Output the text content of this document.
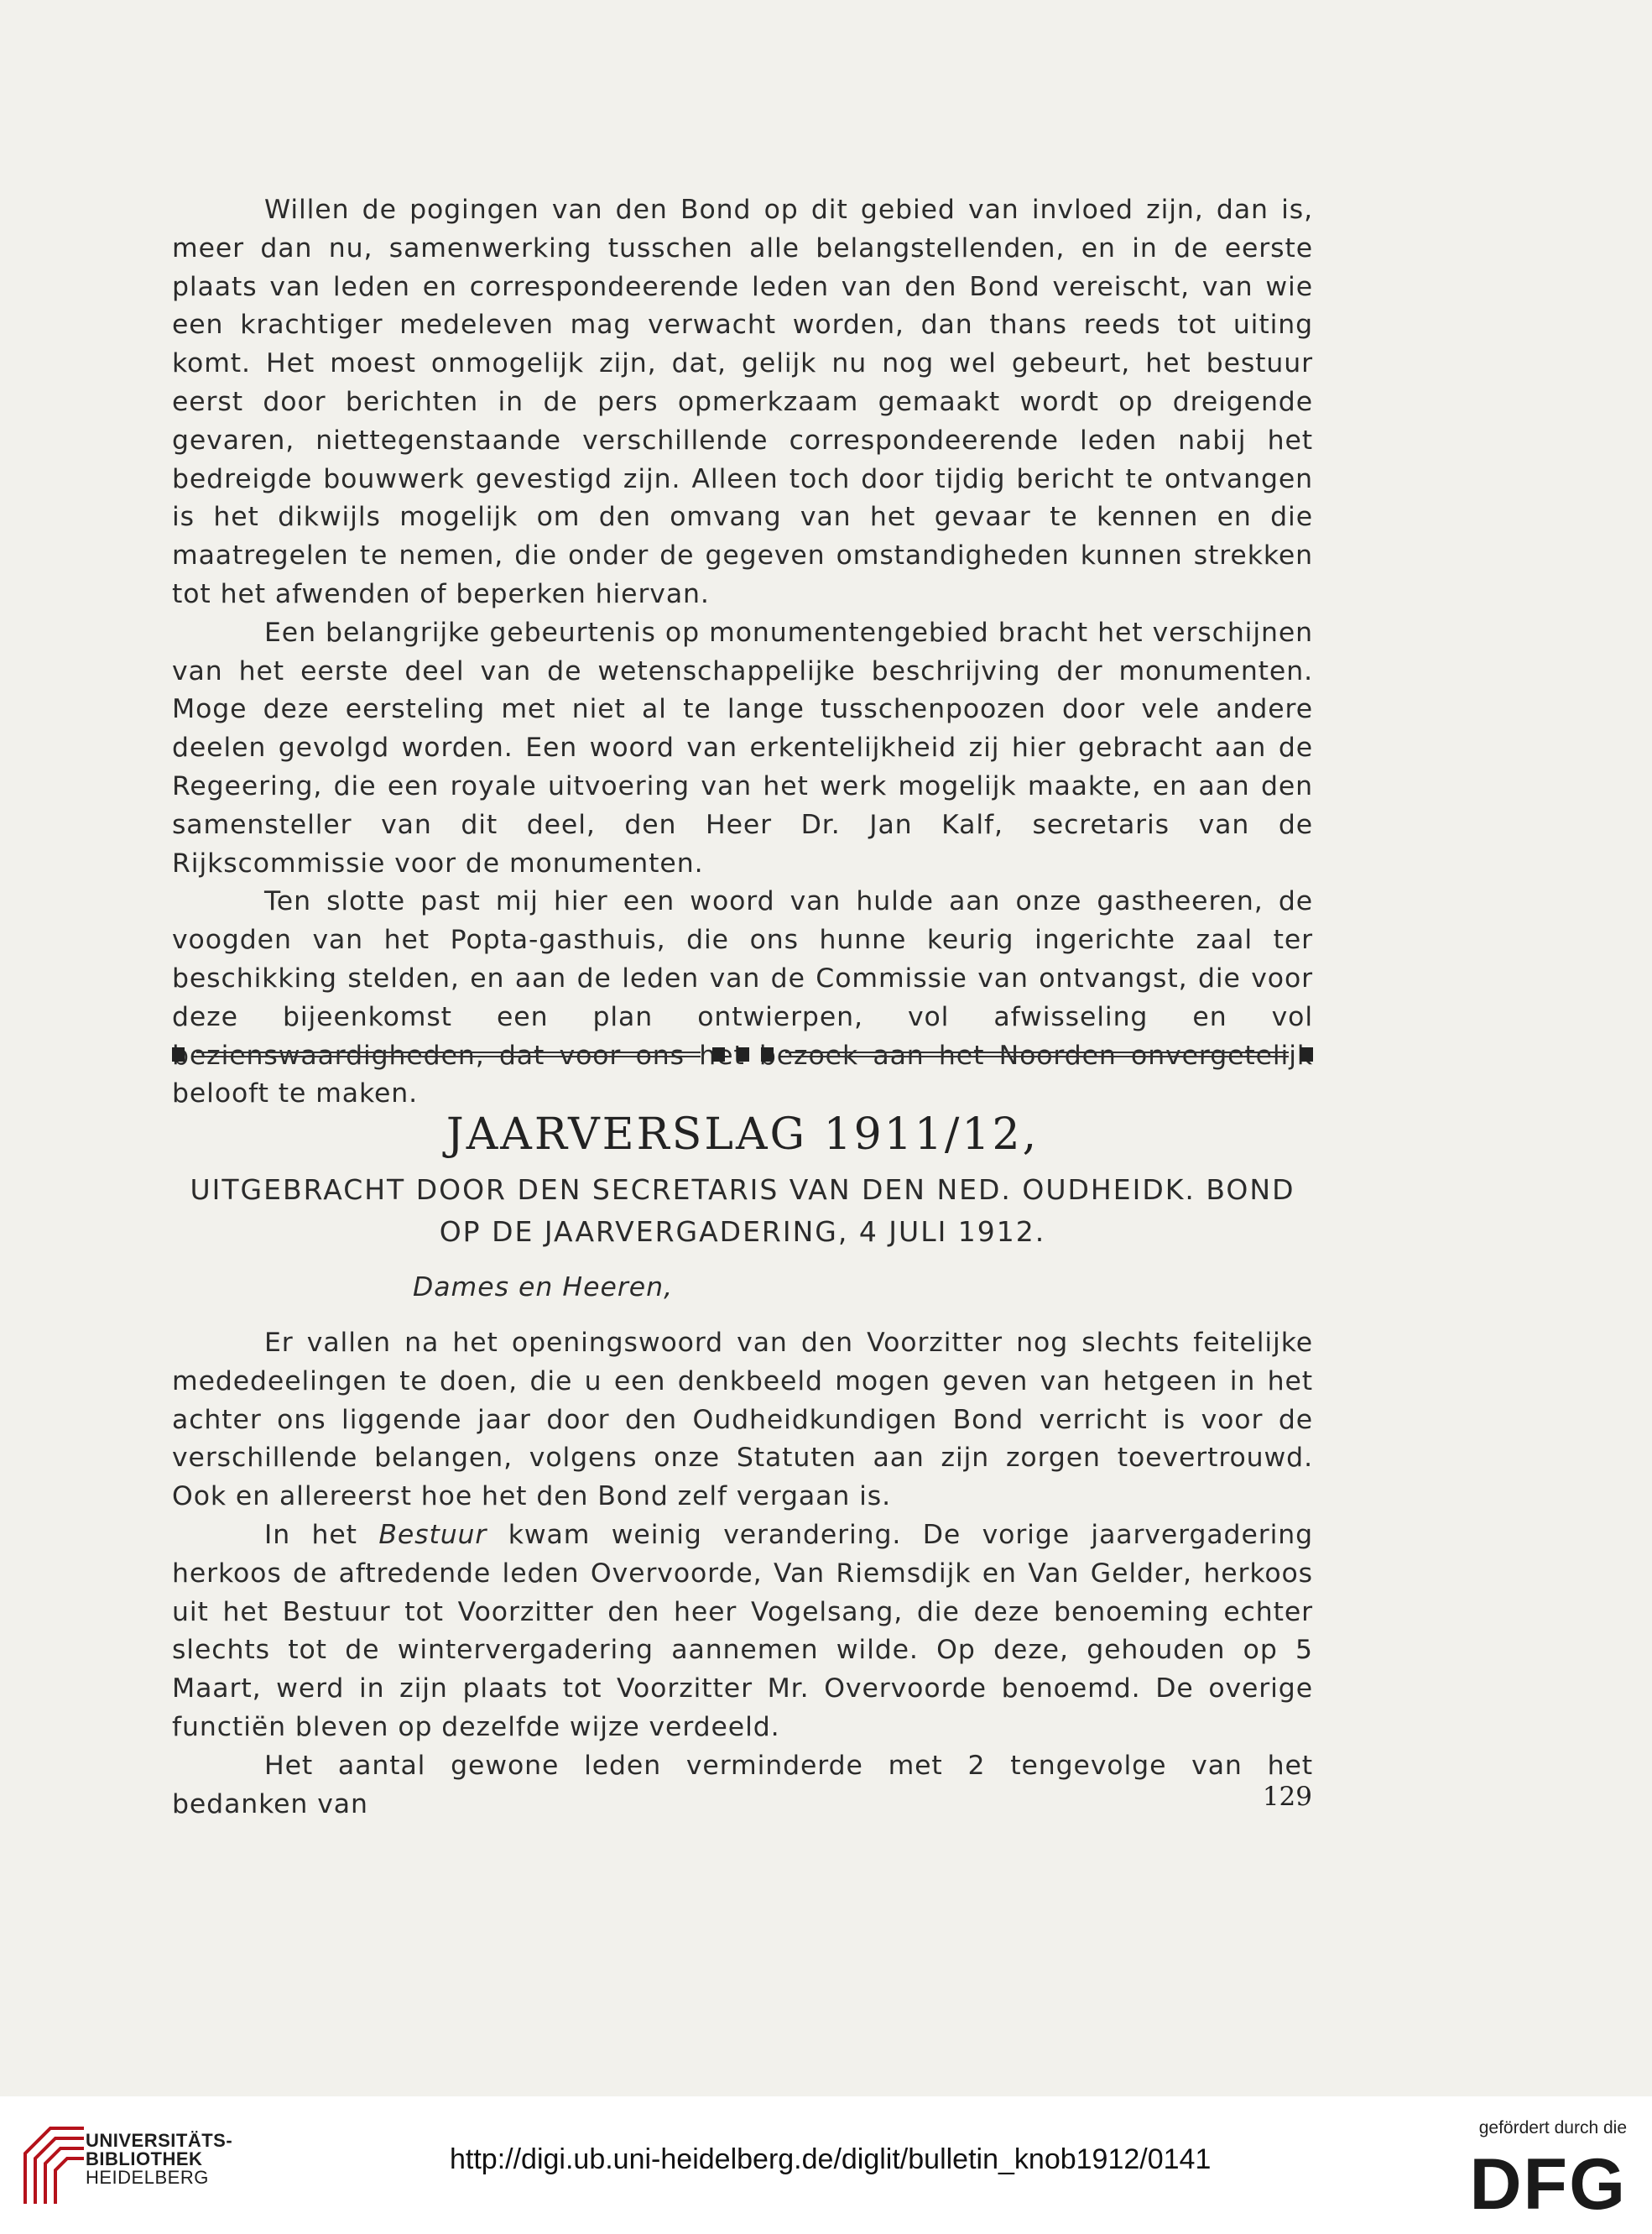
Willen de pogingen van den Bond op dit gebied van invloed zijn, dan is, meer dan nu, samenwerking tusschen alle belangstellenden, en in de eerste plaats van leden en correspondeerende leden van den Bond vereischt, van wie een krachtiger medeleven mag verwacht worden, dan thans reeds tot uiting komt. Het moest onmogelijk zijn, dat, gelijk nu nog wel gebeurt, het bestuur eerst door berichten in de pers opmerkzaam gemaakt wordt op dreigende gevaren, niettegenstaande verschillende correspondeerende leden nabij het bedreigde bouwwerk gevestigd zijn. Alleen toch door tijdig bericht te ontvangen is het dikwijls mogelijk om den omvang van het gevaar te kennen en die maatregelen te nemen, die onder de gegeven omstandigheden kunnen strekken tot het afwenden of beperken hiervan.

Een belangrijke gebeurtenis op monumentengebied bracht het verschijnen van het eerste deel van de wetenschappelijke beschrijving der monumenten. Moge deze eersteling met niet al te lange tusschenpoozen door vele andere deelen gevolgd worden. Een woord van erkentelijkheid zij hier gebracht aan de Regeering, die een royale uitvoering van het werk mogelijk maakte, en aan den samensteller van dit deel, den Heer Dr. Jan Kalf, secretaris van de Rijkscommissie voor de monumenten.

Ten slotte past mij hier een woord van hulde aan onze gastheeren, de voogden van het Popta-gasthuis, die ons hunne keurig ingerichte zaal ter beschikking stelden, en aan de leden van de Commissie van ontvangst, die voor deze bijeenkomst een plan ontwierpen, vol afwisseling en vol bezienswaardigheden, dat voor ons bezoek aan het Noorden onvergetelijk belooft te maken.

JAARVERSLAG 1911/12,
UITGEBRACHT DOOR DEN SECRETARIS VAN DEN NED. OUDHEIDK. BOND
OP DE JAARVERGADERING, 4 JULI 1912.

Dames en Heeren,

Er vallen na het openingswoord van den Voorzitter nog slechts feitelijke mededeelingen te doen, die u een denkbeeld mogen geven van hetgeen in het achter ons liggende jaar door den Oudheidkundigen Bond verricht is voor de verschillende belangen, volgens onze Statuten aan zijn zorgen toevertrouwd. Ook en allereerst hoe het den Bond zelf vergaan is.

In het Bestuur kwam weinig verandering. De vorige jaarvergadering herkoos de aftredende leden Overvoorde, Van Riemsdijk en Van Gelder, herkoos uit het Bestuur tot Voorzitter den heer Vogelsang, die deze benoeming echter slechts tot de wintervergadering aannemen wilde. Op deze, gehouden op 5 Maart, werd in zijn plaats tot Voorzitter Mr. Overvoorde benoemd. De overige functiën bleven op dezelfde wijze verdeeld.

Het aantal gewone leden verminderde met 2 tengevolge van het bedanken van	129
UNIVERSITÄTS-
BIBLIOTHEK
HEIDELBERG
http://digi.ub.uni-heidelberg.de/diglit/bulletin_knob1912/0141
gefördert durch die
DFG
